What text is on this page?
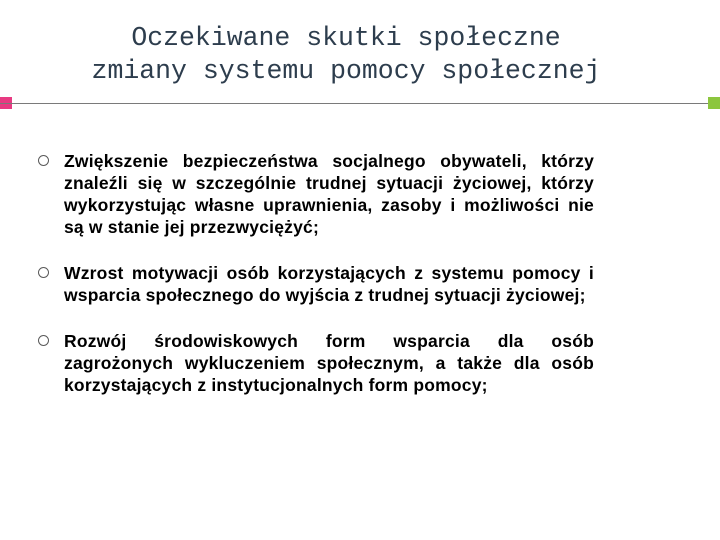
Oczekiwane skutki społeczne
zmiany systemu pomocy społecznej
Zwiększenie bezpieczeństwa socjalnego obywateli, którzy znaleźli się w szczególnie trudnej sytuacji życiowej, którzy wykorzystując własne uprawnienia, zasoby i możliwości nie są w stanie jej przezwyciężyć;
Wzrost motywacji osób korzystających z systemu pomocy i wsparcia społecznego do wyjścia z trudnej sytuacji życiowej;
Rozwój środowiskowych form wsparcia dla osób zagrożonych wykluczeniem społecznym, a także dla osób korzystających z instytucjonalnych form pomocy;
